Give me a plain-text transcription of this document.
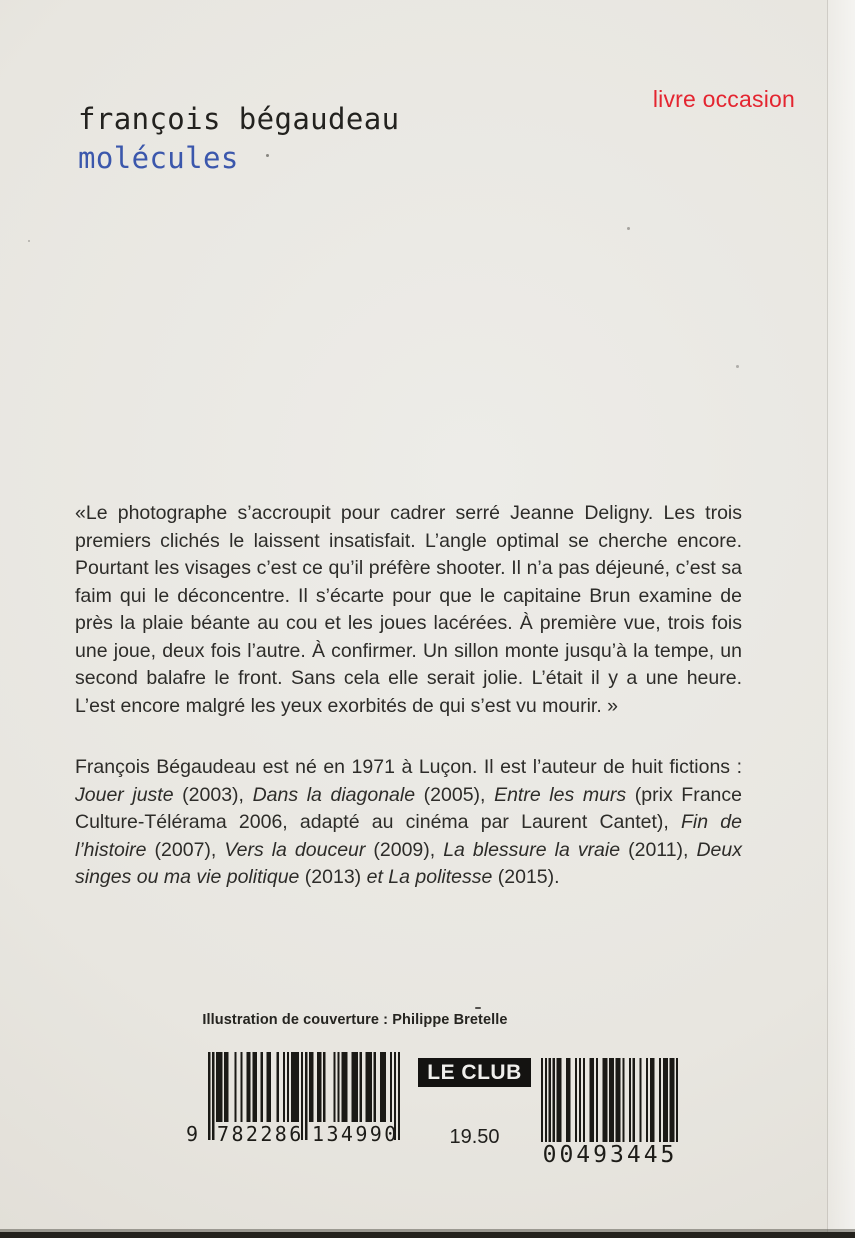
livre occasion
françois bégaudeau
molécules
«Le photographe s’accroupit pour cadrer serré Jeanne Deligny. Les trois premiers clichés le laissent insatisfait. L’angle optimal se cherche encore. Pourtant les visages c’est ce qu’il préfère shooter. Il n’a pas déjeuné, c’est sa faim qui le déconcentre. Il s’écarte pour que le capitaine Brun examine de près la plaie béante au cou et les joues lacérées. À première vue, trois fois une joue, deux fois l’autre. À confirmer. Un sillon monte jusqu’à la tempe, un second balafre le front. Sans cela elle serait jolie. L’était il y a une heure. L’est encore malgré les yeux exorbités de qui s’est vu mourir. »

François Bégaudeau est né en 1971 à Luçon. Il est l’auteur de huit fictions : Jouer juste (2003), Dans la diagonale (2005), Entre les murs (prix France Culture-Télérama 2006, adapté au cinéma par Laurent Cantet), Fin de l’histoire (2007), Vers la douceur (2009), La blessure la vraie (2011), Deux singes ou ma vie politique (2013) et La politesse (2015).

Illustration de couverture : Philippe Bretelle
9 782286 134990
LE CLUB
19.50
00493445
